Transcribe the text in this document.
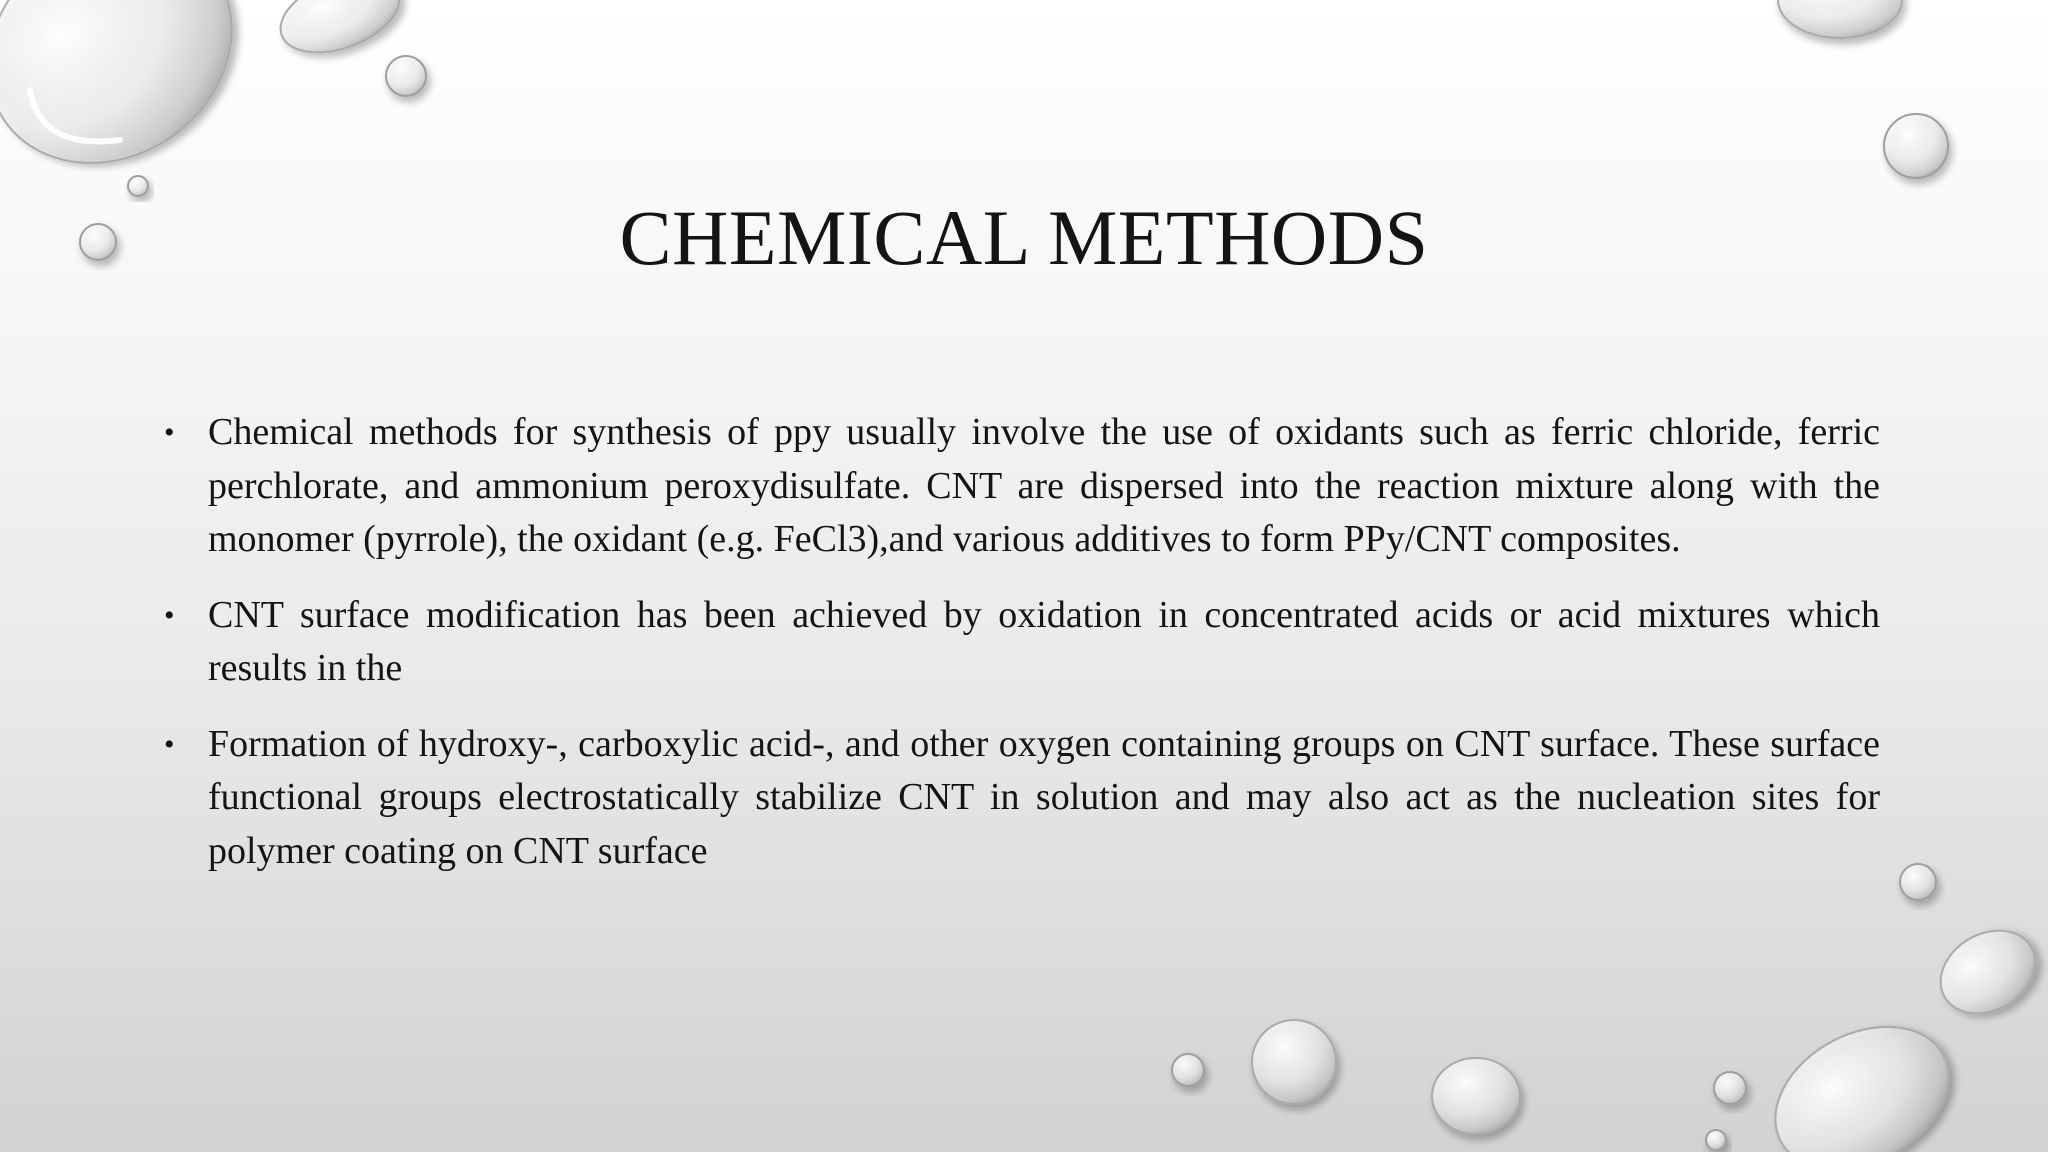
CHEMICAL METHODS
• Chemical methods for synthesis of ppy usually involve the use of oxidants such as ferric chloride, ferric perchlorate, and ammonium peroxydisulfate. CNT are dispersed into the reaction mixture along with the monomer (pyrrole), the oxidant (e.g. FeCl3),and various additives to form PPy/CNT composites.
• CNT surface modification has been achieved by oxidation in concentrated acids or acid mixtures which results in the
• Formation of hydroxy-, carboxylic acid-, and other oxygen containing groups on CNT surface. These surface functional groups electrostatically stabilize CNT in solution and may also act as the nucleation sites for polymer coating on CNT surface
